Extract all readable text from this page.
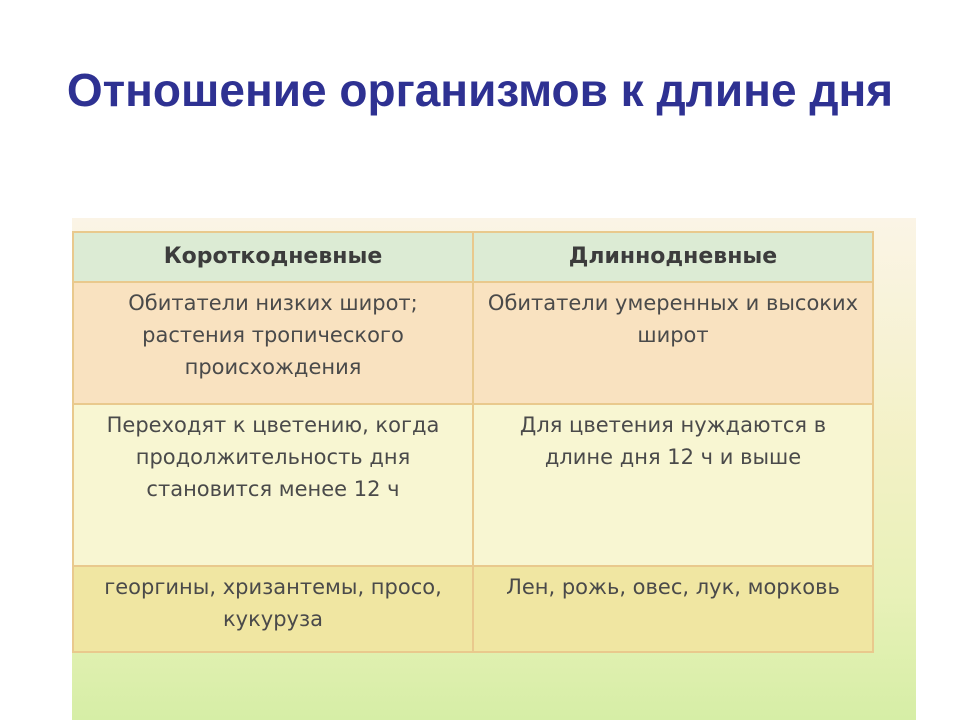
Отношение организмов к длине дня
Короткодневные	Длиннодневные
Обитатели низких широт; растения тропического происхождения	Обитатели умеренных и высоких широт
Переходят к цветению, когда продолжительность дня становится менее 12 ч	Для цветения нуждаются в длине дня 12 ч и выше
георгины, хризантемы, просо, кукуруза	Лен, рожь, овес, лук, морковь
